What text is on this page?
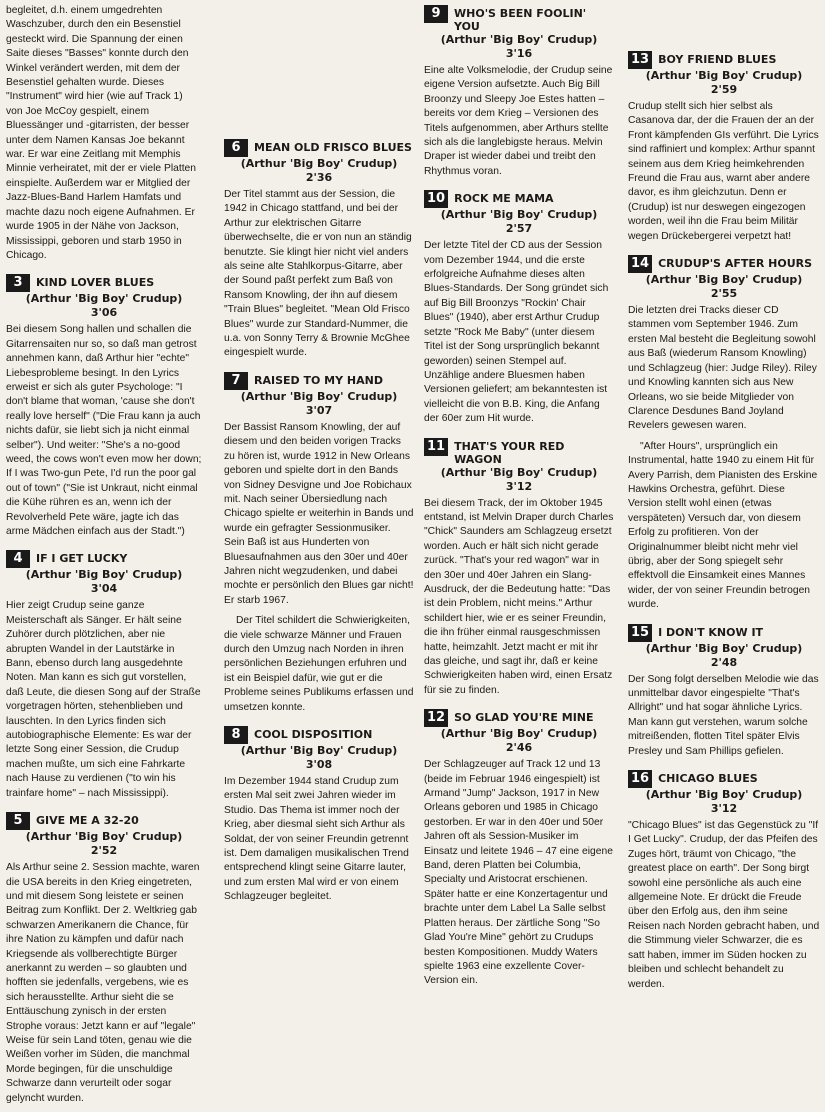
begleitet, d.h. einem umgedrehten Waschzuber, durch den ein Besenstiel gesteckt wird. Die Spannung der einen Saite dieses "Basses" konnte durch den Winkel verändert werden, mit dem der Besenstiel gehalten wurde. Dieses "Instrument" wird hier (wie auf Track 1) von Joe McCoy gespielt, einem Bluessänger und -gitarristen, der besser unter dem Namen Kansas Joe bekannt war. Er war eine Zeitlang mit Memphis Minnie verheiratet, mit der er viele Platten einspielte. Außerdem war er Mitglied der Jazz-Blues-Band Harlem Hamfats und machte dazu noch eigene Aufnahmen. Er wurde 1905 in der Nähe von Jackson, Mississippi, geboren und starb 1950 in Chicago.

3	KIND LOVER BLUES
(Arthur 'Big Boy' Crudup)
3'06

Bei diesem Song hallen und schallen die Gitarrensaiten nur so, so daß man getrost annehmen kann, daß Arthur hier "echte" Liebesprobleme besingt. In den Lyrics erweist er sich als guter Psychologe: "I don't blame that woman, 'cause she don't really love herself" ("Die Frau kann ja auch nichts dafür, sie liebt sich ja nicht einmal selber"). Und weiter: "She's a no-good weed, the cows won't even mow her down; If I was Two-gun Pete, I'd run the poor gal out of town" ("Sie ist Unkraut, nicht einmal die Kühe rühren es an, wenn ich der Revolverheld Pete wäre, jagte ich das arme Mädchen einfach aus der Stadt.")

4	IF I GET LUCKY
(Arthur 'Big Boy' Crudup)
3'04

Hier zeigt Crudup seine ganze Meisterschaft als Sänger. Er hält seine Zuhörer durch plötzlichen, aber nie abrupten Wandel in der Lautstärke in Bann, ebenso durch lang ausgedehnte Noten. Man kann es sich gut vorstellen, daß Leute, die diesen Song auf der Straße vorgetragen hörten, stehenblieben und lauschten. In den Lyrics finden sich autobiographische Elemente: Es war der letzte Song einer Session, die Crudup machen mußte, um sich eine Fahrkarte nach Hause zu verdienen ("to win his trainfare home" – nach Mississippi).

5	GIVE ME A 32-20
(Arthur 'Big Boy' Crudup)
2'52

Als Arthur seine 2. Session machte, waren die USA bereits in den Krieg eingetreten, und mit diesem Song leistete er seinen Beitrag zum Konflikt. Der 2. Weltkrieg gab schwarzen Amerikanern die Chance, für ihre Nation zu kämpfen und dafür nach Kriegsende als vollberechtigte Bürger anerkannt zu werden – so glaubten und hofften sie jedenfalls, vergebens, wie es sich herausstellte. Arthur sieht die se Enttäuschung zynisch in der ersten Strophe voraus: Jetzt kann er auf "legale" Weise für sein Land töten, genau wie die Weißen vorher im Süden, die manchmal Morde begingen, für die unschuldige Schwarze dann verurteilt oder sogar gelyncht wurden.

6	MEAN OLD FRISCO BLUES
(Arthur 'Big Boy' Crudup)
2'36

Der Titel stammt aus der Session, die 1942 in Chicago stattfand, und bei der Arthur zur elektrischen Gitarre überwechselte, die er von nun an ständig benutzte. Sie klingt hier nicht viel anders als seine alte Stahlkorpus-Gitarre, aber der Sound paßt perfekt zum Baß von Ransom Knowling, der ihn auf diesem "Train Blues" begleitet. "Mean Old Frisco Blues" wurde zur Standard-Nummer, die u.a. von Sonny Terry & Brownie McGhee eingespielt wurde.

7	RAISED TO MY HAND
(Arthur 'Big Boy' Crudup)
3'07

Der Bassist Ransom Knowling, der auf diesem und den beiden vorigen Tracks zu hören ist, wurde 1912 in New Orleans geboren und spielte dort in den Bands von Sidney Desvigne und Joe Robichaux mit. Nach seiner Übersiedlung nach Chicago spielte er weiterhin in Bands und wurde ein gefragter Sessionmusiker. Sein Baß ist aus Hunderten von Bluesaufnahmen aus den 30er und 40er Jahren nicht wegzudenken, und dabei mochte er persönlich den Blues gar nicht! Er starb 1967.

Der Titel schildert die Schwierigkeiten, die viele schwarze Männer und Frauen durch den Umzug nach Norden in ihren persönlichen Beziehungen erfuhren und ist ein Beispiel dafür, wie gut er die Probleme seines Publikums erfassen und umsetzen konnte.

8	COOL DISPOSITION
(Arthur 'Big Boy' Crudup)
3'08

Im Dezember 1944 stand Crudup zum ersten Mal seit zwei Jahren wieder im Studio. Das Thema ist immer noch der Krieg, aber diesmal sieht sich Arthur als Soldat, der von seiner Freundin getrennt ist. Dem damaligen musikalischen Trend entsprechend klingt seine Gitarre lauter, und zum ersten Mal wird er von einem Schlagzeuger begleitet.

9	WHO'S BEEN FOOLIN' YOU
(Arthur 'Big Boy' Crudup)
3'16

Eine alte Volksmelodie, der Crudup seine eigene Version aufsetzte. Auch Big Bill Broonzy und Sleepy Joe Estes hatten – bereits vor dem Krieg – Versionen des Titels aufgenommen, aber Arthurs stellte sich als die langlebigste heraus. Melvin Draper ist wieder dabei und treibt den Rhythmus voran.

10 ROCK ME MAMA
(Arthur 'Big Boy' Crudup)
2'57

Der letzte Titel der CD aus der Session vom Dezember 1944, und die erste erfolgreiche Aufnahme dieses alten Blues-Standards. Der Song gründet sich auf Big Bill Broonzys "Rockin' Chair Blues" (1940), aber erst Arthur Crudup setzte "Rock Me Baby" (unter diesem Titel ist der Song ursprünglich bekannt geworden) seinen Stempel auf. Unzählige andere Bluesmen haben Versionen geliefert; am bekanntesten ist vielleicht die von B.B. King, die Anfang der 60er zum Hit wurde.

11 THAT'S YOUR RED WAGON
(Arthur 'Big Boy' Crudup)
3'12

Bei diesem Track, der im Oktober 1945 entstand, ist Melvin Draper durch Charles "Chick" Saunders am Schlagzeug ersetzt worden. Auch er hält sich nicht gerade zurück. "That's your red wagon" war in den 30er und 40er Jahren ein Slang-Ausdruck, der die Bedeutung hatte: "Das ist dein Problem, nicht meins." Arthur schildert hier, wie er es seiner Freundin, die ihn früher einmal rausgeschmissen hatte, heimzahlt. Jetzt macht er mit ihr das gleiche, und sagt ihr, daß er keine Schwierigkeiten haben wird, einen Ersatz für sie zu finden.

12 SO GLAD YOU'RE MINE
(Arthur 'Big Boy' Crudup)
2'46

Der Schlagzeuger auf Track 12 und 13 (beide im Februar 1946 eingespielt) ist Armand "Jump" Jackson, 1917 in New Orleans geboren und 1985 in Chicago gestorben. Er war in den 40er und 50er Jahren oft als Session-Musiker im Einsatz und leitete 1946 – 47 eine eigene Band, deren Platten bei Columbia, Specialty und Aristocrat erschienen. Später hatte er eine Konzertagentur und brachte unter dem Label La Salle selbst Platten heraus. Der zärtliche Song "So Glad You're Mine" gehört zu Crudups besten Kompositionen. Muddy Waters spielte 1963 eine exzellente Cover-Version ein.

13 BOY FRIEND BLUES
(Arthur 'Big Boy' Crudup)
2'59

Crudup stellt sich hier selbst als Casanova dar, der die Frauen der an der Front kämpfenden GIs verführt. Die Lyrics sind raffiniert und komplex: Arthur spannt seinem aus dem Krieg heimkehrenden Freund die Frau aus, warnt aber andere davor, es ihm gleichzutun. Denn er (Crudup) ist nur deswegen eingezogen worden, weil ihn die Frau beim Militär wegen Drückebergerei verpetzt hat!

14 CRUDUP'S AFTER HOURS
(Arthur 'Big Boy' Crudup)
2'55

Die letzten drei Tracks dieser CD stammen vom September 1946. Zum ersten Mal besteht die Begleitung sowohl aus Baß (wiederum Ransom Knowling) und Schlagzeug (hier: Judge Riley). Riley und Knowling kannten sich aus New Orleans, wo sie beide Mitglieder von Clarence Desdunes Band Joyland Revelers gewesen waren.

"After Hours", ursprünglich ein Instrumental, hatte 1940 zu einem Hit für Avery Parrish, dem Pianisten des Erskine Hawkins Orchestra, geführt. Diese Version stellt wohl einen (etwas verspäteten) Versuch dar, von diesem Erfolg zu profitieren. Von der Originalnummer bleibt nicht mehr viel übrig, aber der Song spiegelt sehr effektvoll die Einsamkeit eines Mannes wider, der von seiner Freundin betrogen wurde.

15 I DON'T KNOW IT
(Arthur 'Big Boy' Crudup)
2'48

Der Song folgt derselben Melodie wie das unmittelbar davor eingespielte "That's Allright" und hat sogar ähnliche Lyrics. Man kann gut verstehen, warum solche mitreißenden, flotten Titel später Elvis Presley und Sam Phillips gefielen.

16 CHICAGO BLUES
(Arthur 'Big Boy' Crudup)
3'12

"Chicago Blues" ist das Gegenstück zu "If I Get Lucky". Crudup, der das Pfeifen des Zuges hört, träumt von Chicago, "the greatest place on earth". Der Song birgt sowohl eine persönliche als auch eine allgemeine Note. Er drückt die Freude über den Erfolg aus, den ihm seine Reisen nach Norden gebracht haben, und die Stimmung vieler Schwarzer, die es satt haben, immer im Süden hocken zu bleiben und schlecht behandelt zu werden.
